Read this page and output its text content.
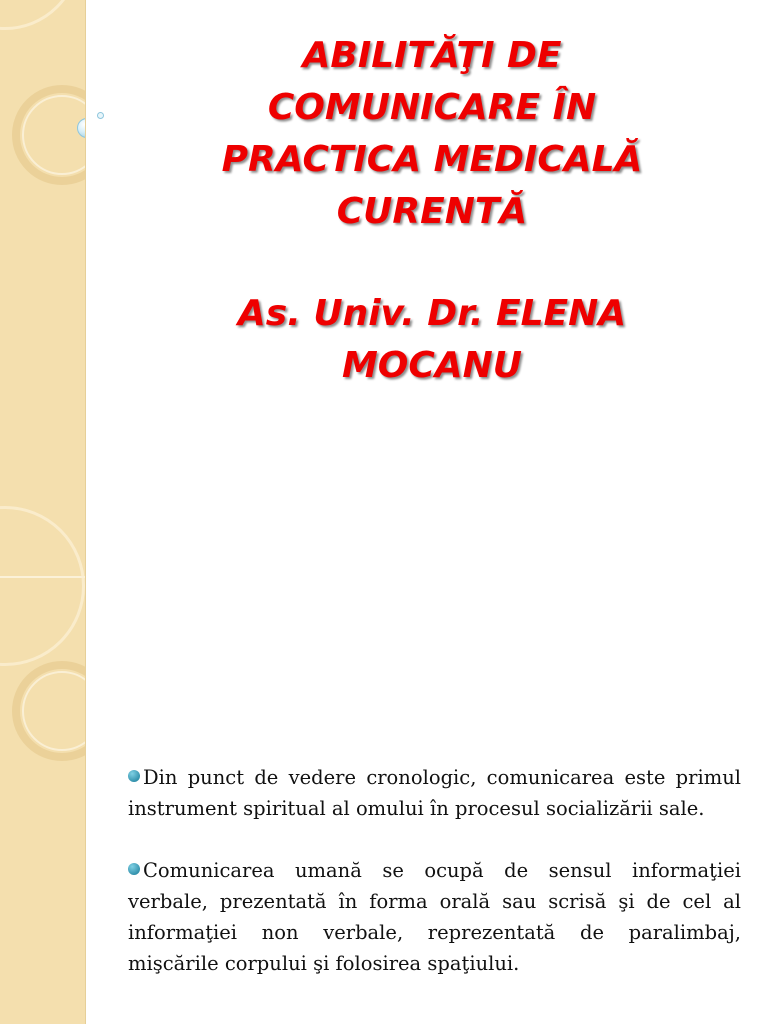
ABILITĂŢI DE
COMUNICARE ÎN
PRACTICA MEDICALĂ
CURENTĂ
As. Univ. Dr. ELENA
MOCANU

Din punct de vedere cronologic, comunicarea este primul instrument spiritual al omului în procesul socializării sale.

Comunicarea umană se ocupă de sensul informaţiei verbale, prezentată în forma orală sau scrisă şi de cel al informaţiei non verbale, reprezentată de paralimbaj, mişcările corpului şi folosirea spaţiului.
